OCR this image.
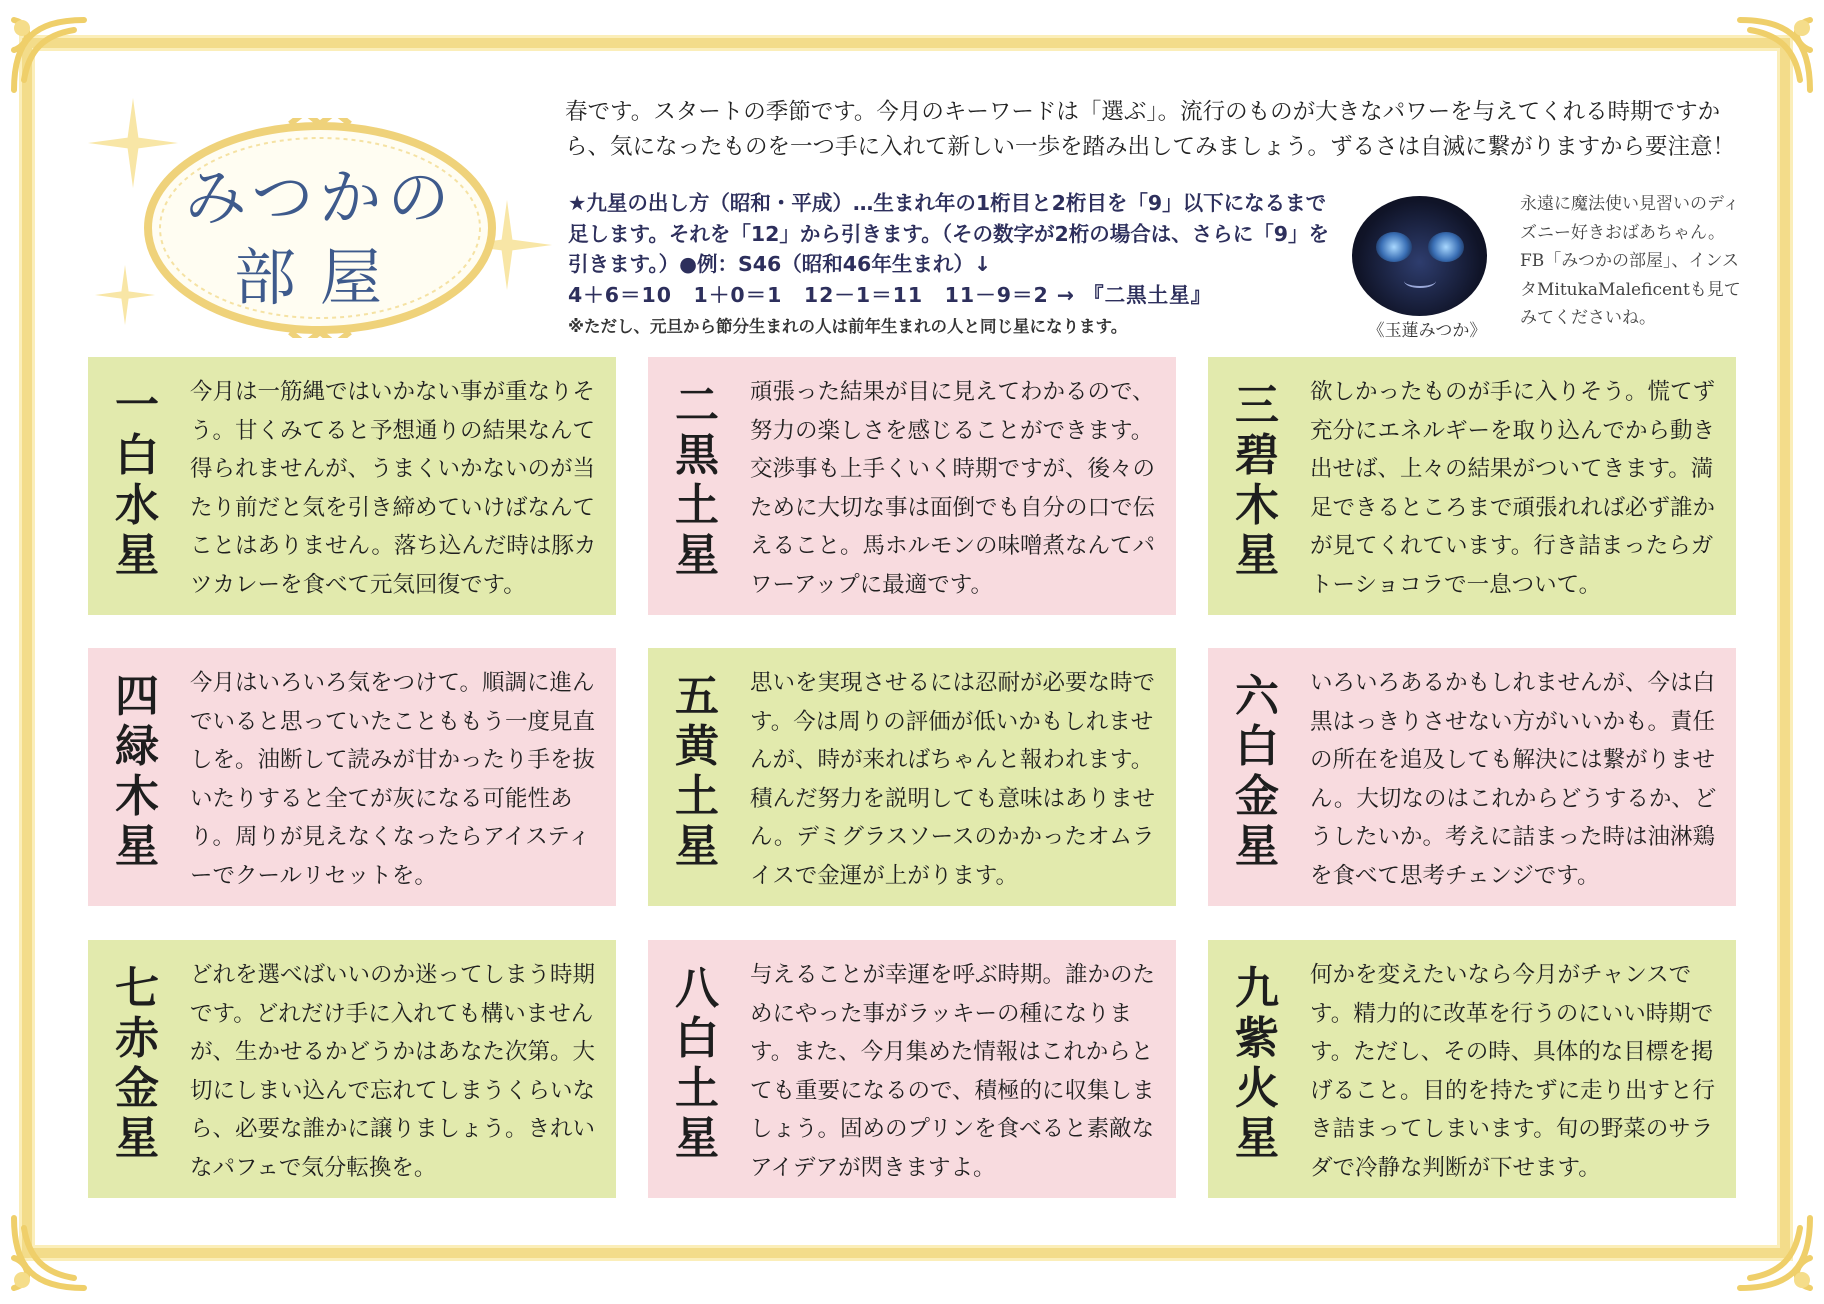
みつかの
部屋
春です。スタートの季節です。今月のキーワードは「選ぶ」。流行のものが大きなパワーを与えてくれる時期ですから、気になったものを一つ手に入れて新しい一歩を踏み出してみましょう。ずるさは自滅に繋がりますから要注意！
★九星の出し方（昭和・平成）…生まれ年の1桁目と2桁目を「9」以下になるまで足します。それを「12」から引きます。（その数字が2桁の場合は、さらに「9」を引きます。）●例：S46（昭和46年生まれ）↓
4＋6＝10　1＋0＝1　12－1＝11　11－9＝2 → 『二黒土星』
※ただし、元旦から節分生まれの人は前年生まれの人と同じ星になります。	《玉蓮みつか》
永遠に魔法使い見習いのディズニー好きおばあちゃん。FB「みつかの部屋」、インスタMitukaMaleficentも見てみてくださいね。
一
白
水
星
今月は一筋縄ではいかない事が重なりそう。甘くみてると予想通りの結果なんて得られませんが、うまくいかないのが当たり前だと気を引き締めていけばなんてことはありません。落ち込んだ時は豚カツカレーを食べて元気回復です。
二
黒
土
星
頑張った結果が目に見えてわかるので、努力の楽しさを感じることができます。交渉事も上手くいく時期ですが、後々のために大切な事は面倒でも自分の口で伝えること。馬ホルモンの味噌煮なんてパワーアップに最適です。
三
碧
木
星
欲しかったものが手に入りそう。慌てず充分にエネルギーを取り込んでから動き出せば、上々の結果がついてきます。満足できるところまで頑張れれば必ず誰かが見てくれています。行き詰まったらガトーショコラで一息ついて。
四
緑
木
星
今月はいろいろ気をつけて。順調に進んでいると思っていたことももう一度見直しを。油断して読みが甘かったり手を抜いたりすると全てが灰になる可能性あり。周りが見えなくなったらアイスティーでクールリセットを。
五
黄
土
星
思いを実現させるには忍耐が必要な時です。今は周りの評価が低いかもしれませんが、時が来ればちゃんと報われます。積んだ努力を説明しても意味はありません。デミグラスソースのかかったオムライスで金運が上がります。
六
白
金
星
いろいろあるかもしれませんが、今は白黒はっきりさせない方がいいかも。責任の所在を追及しても解決には繋がりません。大切なのはこれからどうするか、どうしたいか。考えに詰まった時は油淋鶏を食べて思考チェンジです。
七
赤
金
星
どれを選べばいいのか迷ってしまう時期です。どれだけ手に入れても構いませんが、生かせるかどうかはあなた次第。大切にしまい込んで忘れてしまうくらいなら、必要な誰かに譲りましょう。きれいなパフェで気分転換を。
八
白
土
星
与えることが幸運を呼ぶ時期。誰かのためにやった事がラッキーの種になります。また、今月集めた情報はこれからとても重要になるので、積極的に収集しましょう。固めのプリンを食べると素敵なアイデアが閃きますよ。
九
紫
火
星
何かを変えたいなら今月がチャンスです。精力的に改革を行うのにいい時期です。ただし、その時、具体的な目標を掲げること。目的を持たずに走り出すと行き詰まってしまいます。旬の野菜のサラダで冷静な判断が下せます。
